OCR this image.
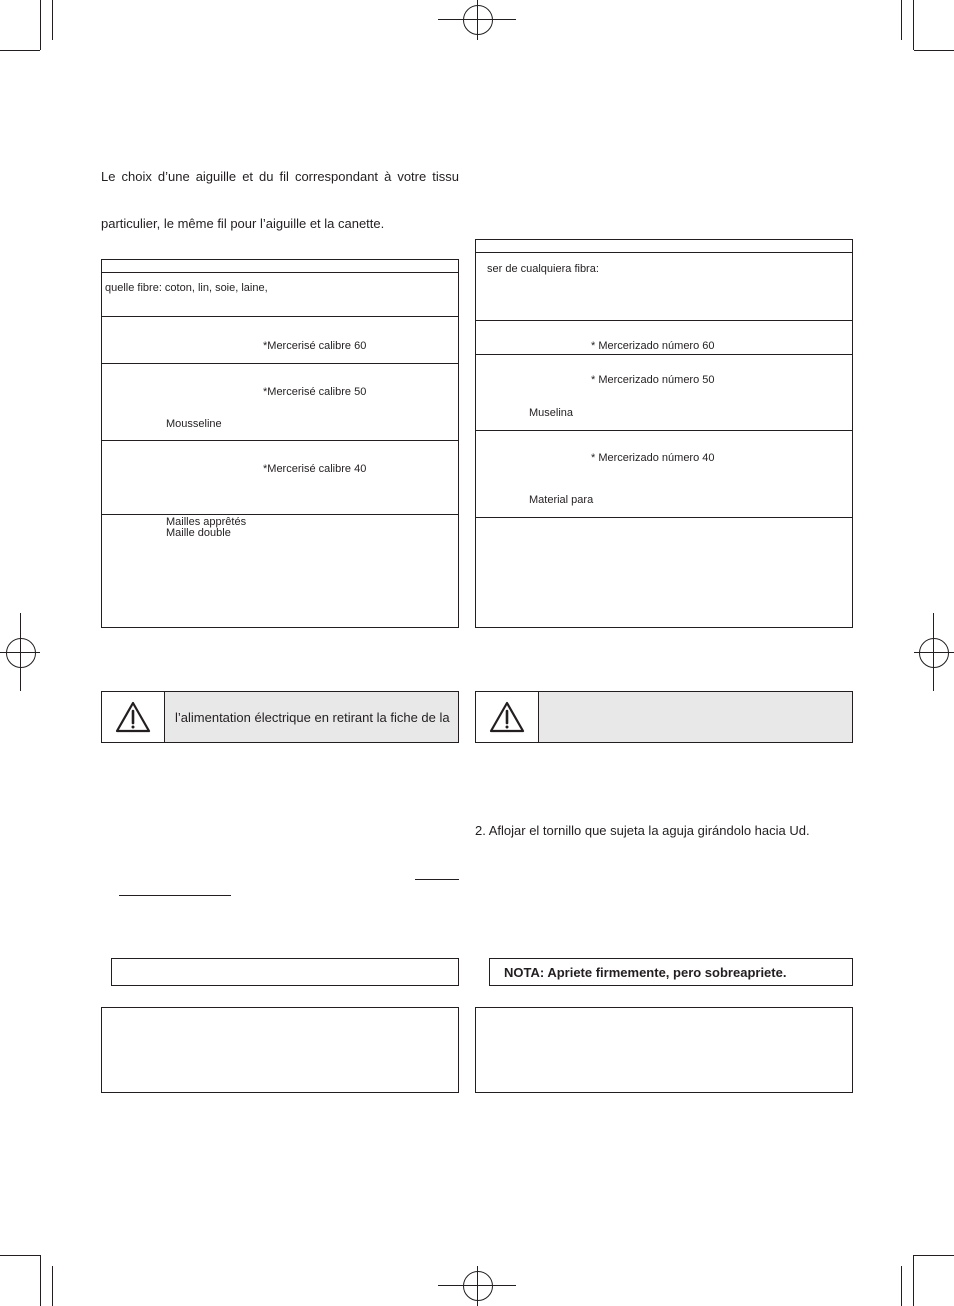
Le choix d’une aiguille et du fil correspondant à votre tissu
particulier, le même fil pour l’aiguille et la canette.
quelle fibre: coton, lin, soie, laine,
*Mercerisé calibre 60
*Mercerisé calibre 50
Mousseline
*Mercerisé calibre 40
Mailles apprêtés
Maille double
ser de cualquiera fibra:
* Mercerizado número 60
* Mercerizado número 50
Muselina
* Mercerizado número 40
Material para
l’alimentation électrique en retirant la fiche de la
2. Aflojar el tornillo que sujeta la aguja girándolo hacia Ud.
NOTA: Apriete firmemente, pero sobreapriete.
